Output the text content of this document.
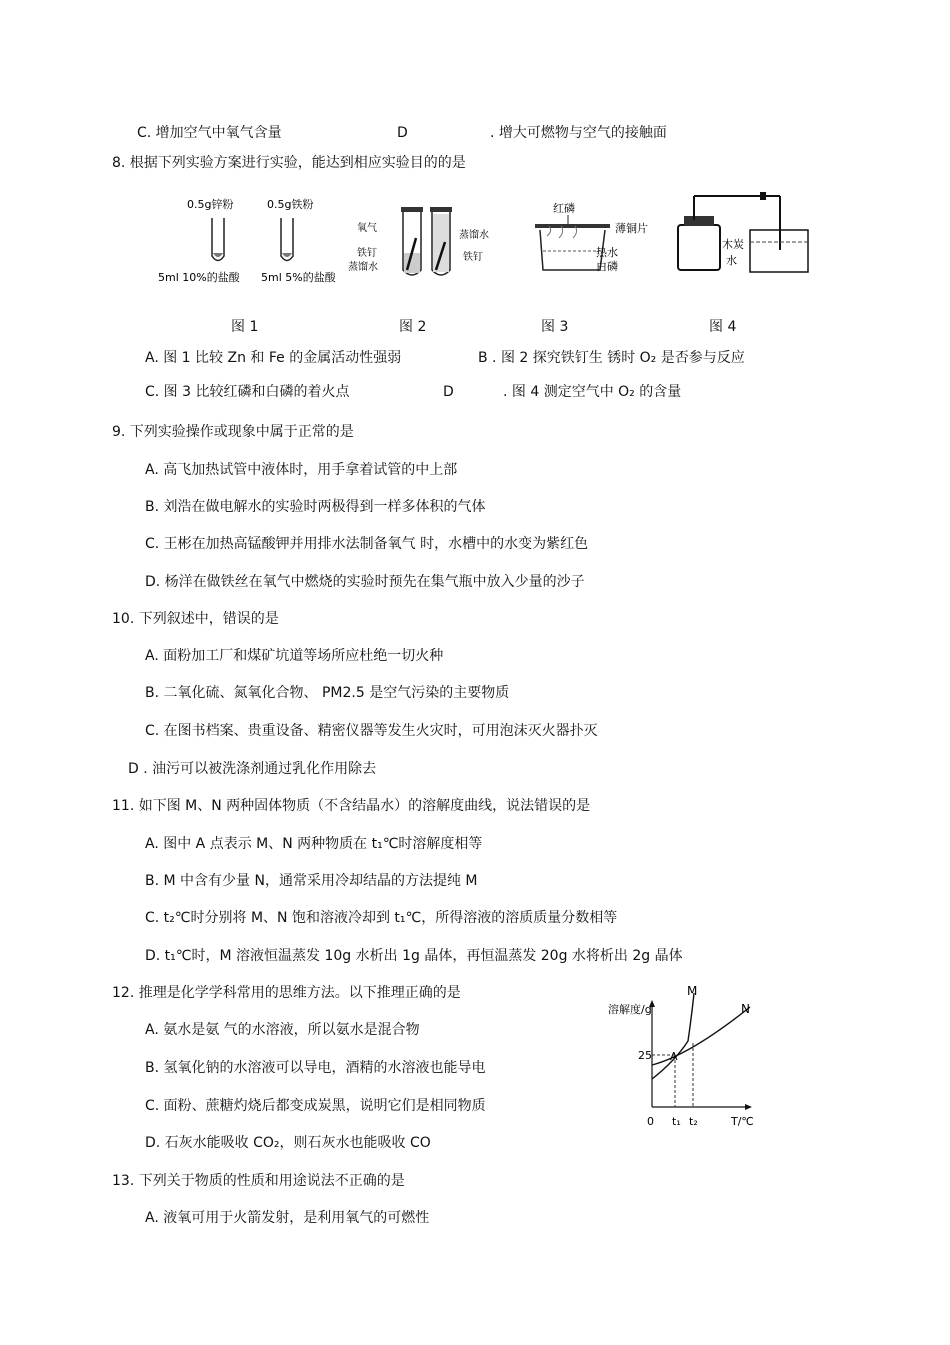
C. 增加空气中氧气含量	D	. 增大可燃物与空气的接触面
8. 根据下列实验方案进行实验，能达到相应实验目的的是
0.5g锌粉	0.5g铁粉
5ml 10%的盐酸 5ml 5%的盐酸
氧气
铁钉
蒸馏水
蒸馏水
铁钉
红磷
薄铜片
热水
白磷
木炭
水
图 1	图 2	图 3	图 4
A. 图 1 比较 Zn 和 Fe 的金属活动性强弱	B . 图 2 探究铁钉生 锈时 O₂ 是否参与反应
C. 图 3 比较红磷和白磷的着火点	D	. 图 4 测定空气中 O₂ 的含量
9. 下列实验操作或现象中属于正常的是
A. 高飞加热试管中液体时，用手拿着试管的中上部
B. 刘浩在做电解水的实验时两极得到一样多体积的气体
C. 王彬在加热高锰酸钾并用排水法制备氧气 时，水槽中的水变为紫红色
D. 杨洋在做铁丝在氧气中燃烧的实验时预先在集气瓶中放入少量的沙子
10. 下列叙述中，错误的是
A. 面粉加工厂和煤矿坑道等场所应杜绝一切火种
B. 二氧化硫、氮氧化合物、 PM2.5 是空气污染的主要物质
C. 在图书档案、贵重设备、精密仪器等发生火灾时，可用泡沫灭火器扑灭
D . 油污可以被洗涤剂通过乳化作用除去
11. 如下图 M、N 两种固体物质（不含结晶水）的溶解度曲线，说法错误的是
A. 图中 A 点表示 M、N 两种物质在 t₁℃时溶解度相等
B. M 中含有少量 N，通常采用冷却结晶的方法提纯 M
C. t₂℃时分别将 M、N 饱和溶液冷却到 t₁℃，所得溶液的溶质质量分数相等
D. t₁℃时，M 溶液恒温蒸发 10g 水析出 1g 晶体，再恒温蒸发 20g 水将析出 2g 晶体
12. 推理是化学学科常用的思维方法。以下推理正确的是
A. 氨水是氨 气的水溶液，所以氨水是混合物
B. 氢氧化钠的水溶液可以导电，酒精的水溶液也能导电
C. 面粉、蔗糖灼烧后都变成炭黑，说明它们是相同物质
D. 石灰水能吸收 CO₂，则石灰水也能吸收 CO
溶解度/g
T/℃
0
25
t₁ t₂
M
N
A
13. 下列关于物质的性质和用途说法不正确的是
A. 液氧可用于火箭发射，是利用氧气的可燃性
